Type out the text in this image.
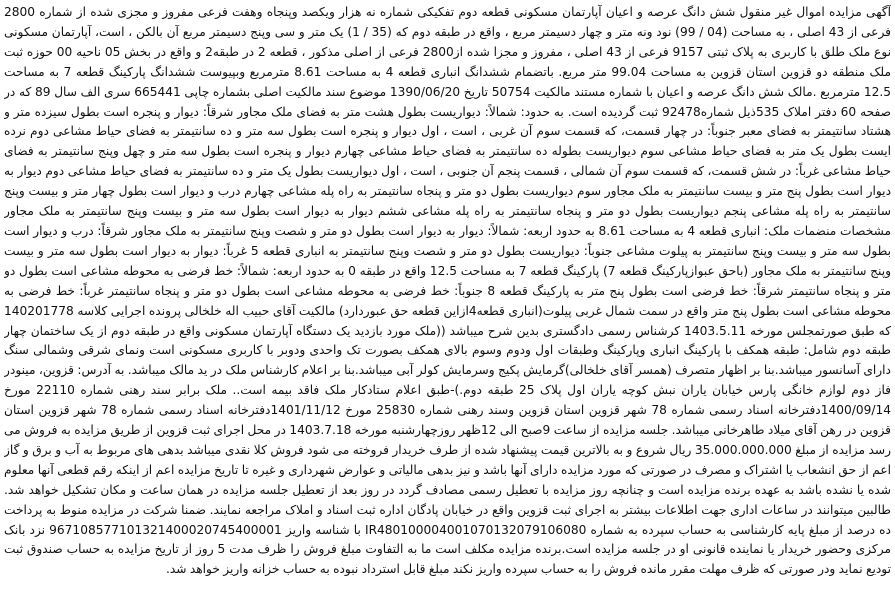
آگهی مزایده اموال غیر منقول شش دانگ عرصه و اعیان آپارتمان مسکونی قطعه دوم تفکیکی شماره نه هزار ویکصد وپنجاه وهفت فرعی مفروز و مجزی شده از شماره 2800 فرعی از 43 اصلی ، به مساحت (04 / 99) نود ونه متر و چهار دسیمتر مربع ، واقع در طبقه دوم که (35 / 1) یک متر و سی وپنج دسیمتر مربع آن بالکن ، است، آپارتمان مسکونی نوع ملک طلق با کاربری به پلاک ثبتی 9157 فرعی از 43 اصلی ، مفروز و مجزا شده از2800 فرعی از اصلی مذکور ، قطعه 2 در طبقه2 و واقع در بخش 05 ناحیه 00 حوزه ثبت ملک منطقه دو قزوین استان قزوین به مساحت 99.04 متر مربع. باتضمام ششدانگ انباری قطعه 4 به مساحت 8.61 مترمربع وبپیوست ششدانگ پارکینگ قطعه 7 به مساحت 12.5 مترمربع .مالک شش دانگ عرصه و اعیان با شماره مستند مالکیت 50754 تاریخ 1390/06/20 موضوع سند مالکیت اصلی بشماره چاپی 665441 سری الف سال 89 که در صفحه 60 دفتر املاک 535ذیل شماره92478 ثبت گردیده است. به حدود: شمالاً: دیواریست بطول هشت متر به فضای ملک مجاور شرقاً: دیوار و پنجره است بطول سیزده متر و هشتاد سانتیمتر به فضای معبر جنوباً: در چهار قسمت، که قسمت سوم آن غربی ، است ، اول دیوار و پنجره است بطول سه متر و ده سانتیمتر به فضای حیاط مشاعی دوم نرده ایست بطول یک متر به فضای حیاط مشاعی سوم دیواریست بطوله ده سانتیمتر به فضای حیاط مشاعی چهارم دیوار و پنجره است بطول سه متر و چهل وپنج سانتیمتر به فضای حیاط مشاعی غرباً: در شش قسمت، که قسمت سوم آن شمالی ، قسمت پنجم آن جنوبی ، است ، اول دیواریست بطول یک متر و ده سانتیمتر به فضای حیاط مشاعی دوم دیوار به دیوار است بطول پنج متر و بیست سانتیمتر به ملک مجاور سوم دیواریست بطول دو متر و پنجاه سانتیمتر به راه پله مشاعی چهارم درب و دیوار است بطول چهار متر و بیست وپنج سانتیمتر به راه پله مشاعی پنجم دیواریست بطول دو متر و پنجاه سانتیمتر به راه پله مشاعی ششم دیوار به دیوار است بطول سه متر و بیست وپنج سانتیمتر به ملک مجاور مشخصات منضمات ملک: انباری قطعه 4 به مساحت 8.61 به حدود اربعه: شمالاً: دیوار به دیوار است بطول دو متر و شصت وپنج سانتیمتر به ملک مجاور شرقاً: درب و دیوار است بطول سه متر و بیست وپنج سانتیمتر به پیلوت مشاعی جنوباً: دیواریست بطول دو متر و شصت وپنج سانتیمتر به انباری قطعه 5 غرباً: دیوار به دیوار است بطول سه متر و بیست وپنج سانتیمتر به ملک مجاور (باحق عبوازپارکینگ قطعه 7) پارکینگ قطعه 7 به مساحت 12.5 واقع در طبقه 0 به حدود اربعه: شمالاً: خط فرضی به محوطه مشاعی است بطول دو متر و پنجاه سانتیمتر شرقاً: خط فرضی است بطول پنج متر به پارکینگ قطعه 8 جنوباً: خط فرضی به محوطه مشاعی است بطول دو متر و پنجاه سانتیمتر غرباً: خط فرضی به محوطه مشاعی است بطول پنج متر واقع در سمت شمال غربی پیلوت(انباری قطعه4ازاین قطعه حق عبوردارد) مالکیت آقای حبیب اله خلخالی پرونده اجرایی کلاسه 140201778 که طبق صورتمجلس مورخه 1403.5.11 کرشناس رسمی دادگستری بدین شرح میباشد ((ملک مورد بازدید یک دستگاه آپارتمان مسکونی واقع در طبقه دوم از یک ساختمان چهار طبقه دوم شامل: طبقه همکف با پارکینگ انباری وپارکینگ وطبقات اول ودوم وسوم بالای همکف بصورت تک واحدی ودوبر با کاربری مسکونی است ونمای شرقی وشمالی سنگ دارای آسانسور میباشد.بنا بر اظهار متصرف (همسر آقای خلخالی)گرمایش پکیج وسرمایش کولر آبی میباشد.بنا بر اعلام کارشناس ملک در ید مالک میباشد. به آدرس: قزوین، مینودر فاز دوم لوازم خانگی پارس خیابان یاران نبش کوچه یاران اول پلاک 25 طبقه دوم.)-طبق اعلام ستادکار ملک فاقد بیمه است.. ملک برابر سند رهنی شماره 22110 مورخ 1400/09/14دفترخانه اسناد رسمی شماره 78 شهر قزوین استان قزوین وسند رهنی شماره 25830 مورخ 1401/11/12دفترخانه اسناد رسمی شماره 78 شهر قزوین استان قزوین در رهن آقای میلاد طاهرخانی میباشد. جلسه مزایده از ساعت 9صبح الی 12ظهر روزچهارشنبه مورخه 1403.7.18 در محل اجرای ثبت قزوین از طریق مزایده به فروش می رسد مزایده از مبلغ 35.000.000.000 ریال شروع و به بالاترین قیمت پیشنهاد شده از طرف خریدار فروخته می شود فروش کلا نقدی میباشد بدهی های مربوط به آب و برق و گاز اعم از حق انشعاب یا اشتراک و مصرف در صورتی که مورد مزایده دارای آنها باشد و نیز بدهی مالیاتی و عوارض شهرداری و غیره تا تاریخ مزایده اعم از اینکه رقم قطعی آنها معلوم شده یا نشده باشد به عهده برنده مزایده است و چنانچه روز مزایده با تعطیل رسمی مصادف گردد در روز بعد از تعطیل جلسه مزایده در همان ساعت و مکان تشکیل خواهد شد. طالبین میتوانند در ساعات اداری جهت اطلاعات بیشتر به اجرای ثبت قزوین واقع در خیابان پادگان اداره ثبت اسناد و املاک مراجعه نمایند. ضمنا شرکت در مزایده منوط به پرداخت ده درصد از مبلغ پایه کارشناسی به حساب سپرده به شماره IR480100004001070132079106080 با شناسه واریز 967108577101321400020745400001 نزد بانک مرکزی وحضور خریدار یا نماینده قانونی او در جلسه مزایده است.برنده مزایده مکلف است ما به التفاوت مبلغ فروش را ظرف مدت 5 روز از تاریخ مزایده به حساب صندوق ثبت تودیع نماید ودر صورتی که ظرف مهلت مقرر مانده فروش را به حساب سپرده واریز نکند مبلغ قابل استرداد نبوده به حساب خزانه واریز خواهد شد.
